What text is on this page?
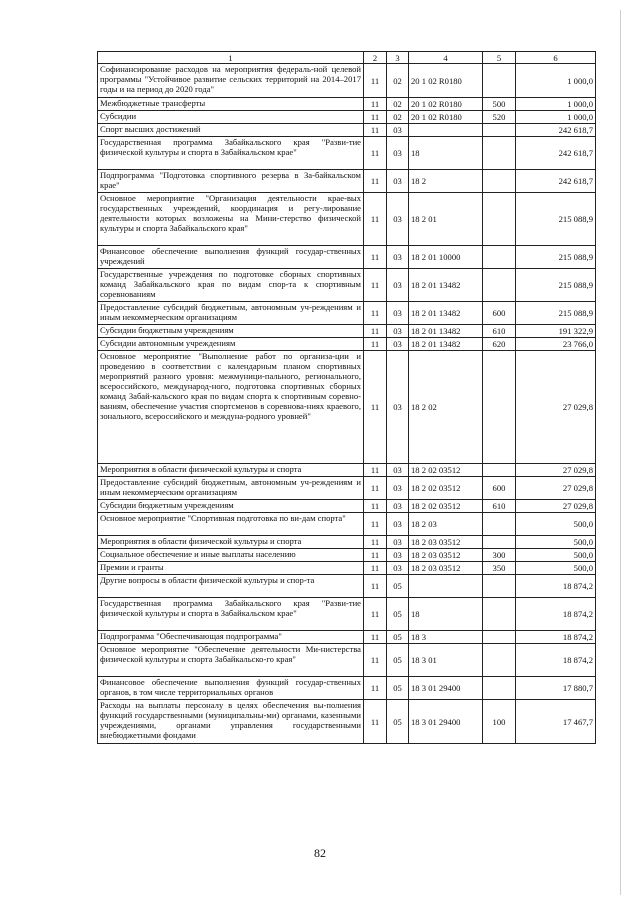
1	2	3	4	5	6
Софинансирование расходов на мероприятия федераль-ной целевой программы "Устойчивое развитие сельских территорий на 2014–2017 годы и на период до 2020 года"	11	02	20 1 02 R0180		1 000,0
Межбюджетные трансферты	11	02	20 1 02 R0180	500	1 000,0
Субсидии	11	02	20 1 02 R0180	520	1 000,0
Спорт высших достижений	11	03			242 618,7
Государственная программа Забайкальского края "Разви-тие физической культуры и спорта в Забайкальском крае"	11	03	18		242 618,7
Подпрограмма "Подготовка спортивного резерва в За-байкальском крае"	11	03	18 2		242 618,7
Основное мероприятие "Организация деятельности крае-вых государственных учреждений, координация и регу-лирование деятельности которых возложены на Мини-стерство физической культуры и спорта Забайкальского края"	11	03	18 2 01		215 088,9
Финансовое обеспечение выполнения функций государ-ственных учреждений	11	03	18 2 01 10000		215 088,9
Государственные учреждения по подготовке сборных спортивных команд Забайкальского края по видам спор-та к спортивным соревнованиям	11	03	18 2 01 13482		215 088,9
Предоставление субсидий бюджетным, автономным уч-реждениям и иным некоммерческим организациям	11	03	18 2 01 13482	600	215 088,9
Субсидии бюджетным учреждениям	11	03	18 2 01 13482	610	191 322,9
Субсидии автономным учреждениям	11	03	18 2 01 13482	620	23 766,0
Основное мероприятие "Выполнение работ по организа-ции и проведению в соответствии с календарным планом спортивных мероприятий разного уровня: межмуници-пального, регионального, всероссийского, международ-ного, подготовка спортивных сборных команд Забай-кальского края по видам спорта к спортивным соревно-ваниям, обеспечение участия спортсменов в соревнова-ниях краевого, зонального, всероссийского и междуна-родного уровней"	11	03	18 2 02		27 029,8
Мероприятия в области физической культуры и спорта	11	03	18 2 02 03512		27 029,8
Предоставление субсидий бюджетным, автономным уч-реждениям и иным некоммерческим организациям	11	03	18 2 02 03512	600	27 029,8
Субсидии бюджетным учреждениям	11	03	18 2 02 03512	610	27 029,8
Основное мероприятие "Спортивная подготовка по ви-дам спорта"	11	03	18 2 03		500,0
Мероприятия в области физической культуры и спорта	11	03	18 2 03 03512		500,0
Социальное обеспечение и иные выплаты населению	11	03	18 2 03 03512	300	500,0
Премии и гранты	11	03	18 2 03 03512	350	500,0
Другие вопросы в области физической культуры и спор-та	11	05			18 874,2
Государственная программа Забайкальского края "Разви-тие физической культуры и спорта в Забайкальском крае"	11	05	18		18 874,2
Подпрограмма "Обеспечивающая подпрограмма"	11	05	18 3		18 874,2
Основное мероприятие "Обеспечение деятельности Ми-нистерства физической культуры и спорта Забайкальско-го края"	11	05	18 3 01		18 874,2
Финансовое обеспечение выполнения функций государ-ственных органов, в том числе территориальных органов	11	05	18 3 01 29400		17 880,7
Расходы на выплаты персоналу в целях обеспечения вы-полнения функций государственными (муниципальны-ми) органами, казенными учреждениями, органами управления государственными внебюджетными фондами	11	05	18 3 01 29400	100	17 467,7
82
